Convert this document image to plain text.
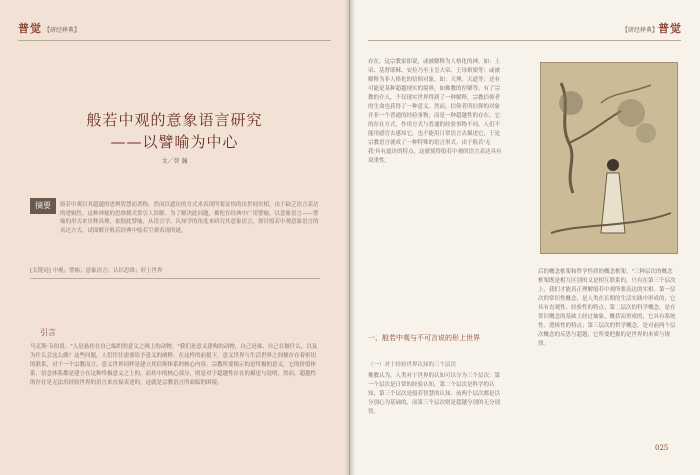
普觉 【研经释典】
般若中观的意象语言研究
——以譬喻为中心
文／智 瀚
摘要	般若中观以其超越的思辨智慧而著称，然而以遮诠的方式来表现所要证悟的出世间实相，由于缺乏语言表达的逻辑性，这种神秘的思维模式常引人误解，为了解决此问题，佛陀在经典中广用譬喻，以意象语言——譬喻的形式来诠释真理，依据此譬喻，从语言学、认知学的角度来研究其意象语言，探讨般若中观意象语言的表达方式，试图解开般若经典中般若空观表现的谜。
[关键词] 中观；譬喻；意象语言；认识思维；形上世界
引言
马克斯·韦伯说："人是悬挂在自己编织的意义之网上的动物。"我们是意义建构的动物，自己是谁、自己在做什么，以及为什么会这么做？这些问题，人们往往需要给予意义的阐释。在这样的前提下，意义世界与生活世界之间便存在着密切的联系，对于一个宗教而言，意义世界同样是建立其信仰体系的核心内容。宗教所要揭示的是终极的意义，它的价值体系、信念体系都是建立在这种终极意义之上的，而其中的核心部分，则是对于超越性存在的描述与说明。然而，超越性的存在是无法用经验世界的语言来直接表述的，这就是宗教语言所面临的困境。
【研经释典】普觉
存在，这宗教家即说，或被解释为人格化的神，如：上帝、基督耶稣、安拉乃至玉皇大帝、王母娘娘等；或被解释为非人格化的信仰对象，如：天理、天道等；还有可能是某种超越现实的境界，如佛教的涅槃等。有了宗教的介入，不仅现实世界得到了一种解释，宗教信仰者的生命也获得了一种意义。然而，信仰者所信仰的对象并非一个普通的经验事物，而是一种超越性的存在，它的存在方式、作用方式与普通的经验事物不同，人们不能用感官去感知它，也不能用日常语言去描述它，于是宗教语言就成了一种特殊的语言形式。由于般若'无我'具有遮诠的特点，这就使得般若中观的语言表达具有双重性。
一、般若中观与不可言说的形上世界
（一）对于经验世界认知的三个层次
佛教认为，人类对于世界的认知可以分为三个层次：第一个层次是日常的经验认知，第二个层次是科学的认知，第三个层次是般若智慧的认知。前两个层次都是以分别心为基础的，而第三个层次则是超越分别的无分别智。
后的概念框架和哲学性质的概念框架。"三种层次的概念框架既是相互区别的又是相互联系的，只有在第三个层次上，我们才能真正理解般若中观所要表达的实相。第一层次的常识性概念，是人类在长期的生活实践中形成的，它具有直观性、经验性的特点；第二层次的科学概念，是在常识概念的基础上经过抽象、概括而形成的，它具有系统性、逻辑性的特点；第三层次的哲学概念，是对前两个层次概念的反思与超越，它所要把握的是世界的本质与规律。
025
